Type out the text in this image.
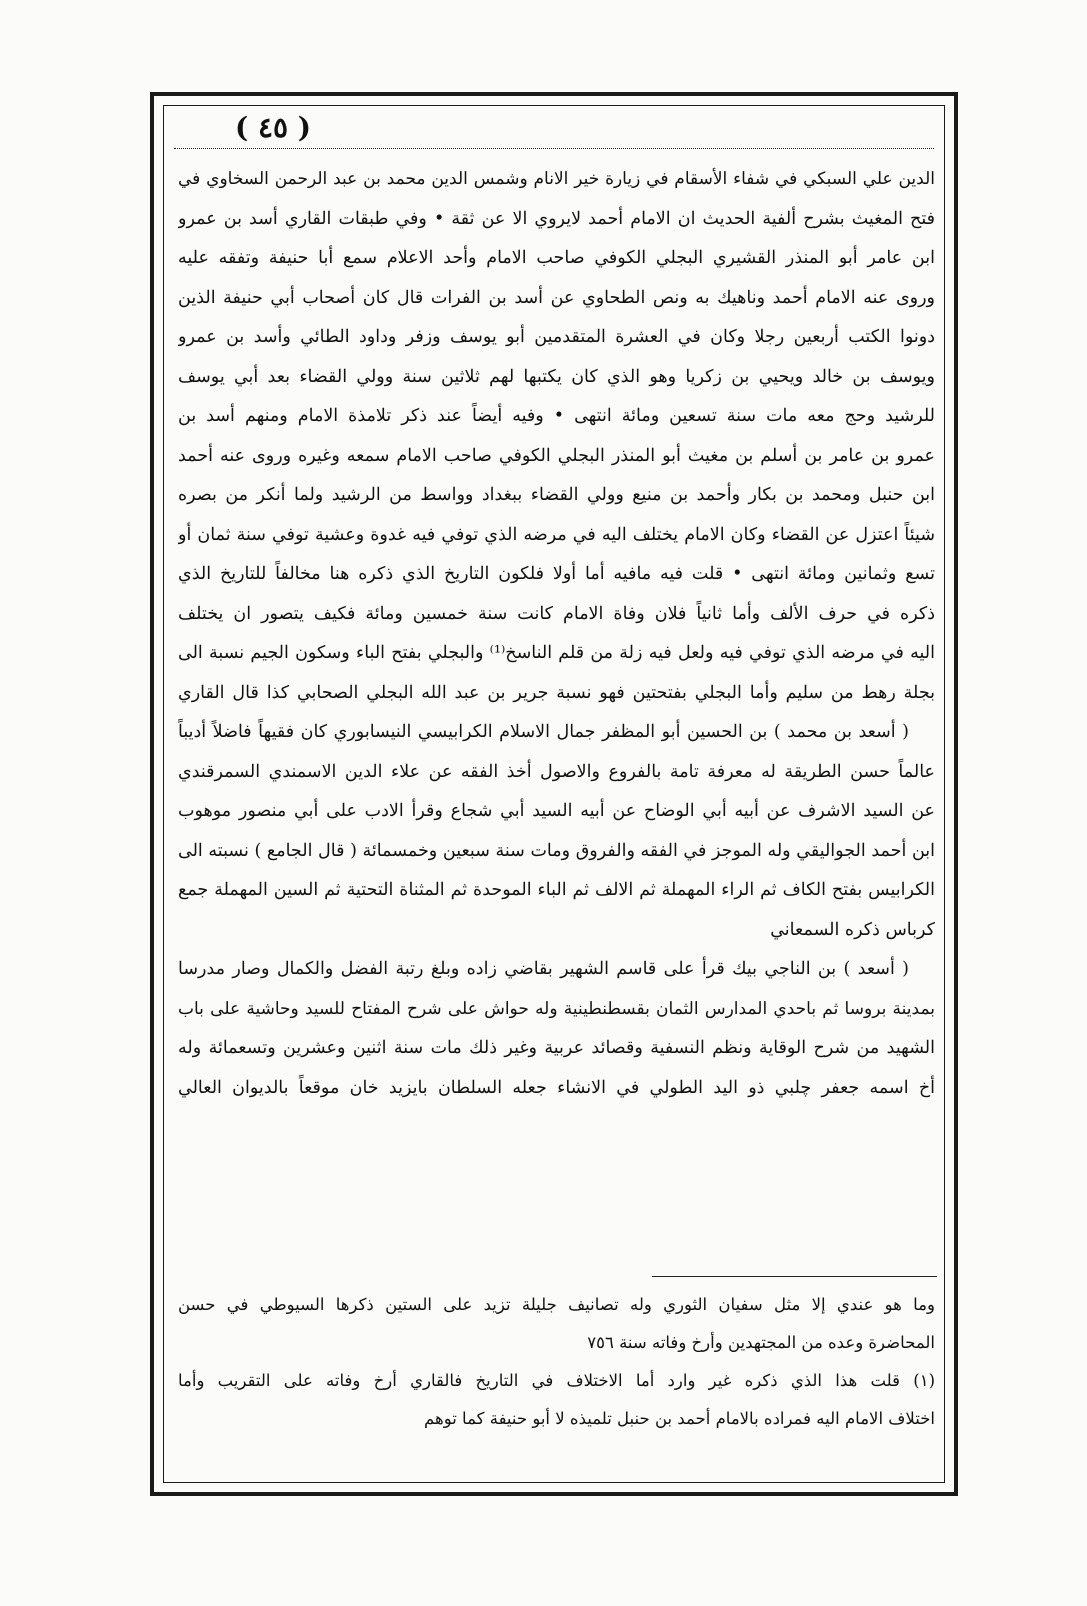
( ٤٥ )
الدين علي السبكي في شفاء الأسقام في زيارة خير الانام وشمس الدين محمد بن عبد الرحمن السخاوي في
فتح المغيث بشرح ألفية الحديث ان الامام أحمد لايروي الا عن ثقة • وفي طبقات القاري أسد بن عمرو
ابن عامر أبو المنذر القشيري البجلي الكوفي صاحب الامام وأحد الاعلام سمع أبا حنيفة وتفقه عليه
وروى عنه الامام أحمد وناهيك به ونص الطحاوي عن أسد بن الفرات قال كان أصحاب أبي حنيفة الذين
دونوا الكتب أربعين رجلا وكان في العشرة المتقدمين أبو يوسف وزفر وداود الطائي وأسد بن عمرو
ويوسف بن خالد ويحيي بن زكريا وهو الذي كان يكتبها لهم ثلاثين سنة وولي القضاء بعد أبي يوسف
للرشيد وحج معه مات سنة تسعين ومائة انتهى • وفيه أيضاً عند ذكر تلامذة الامام ومنهم أسد بن
عمرو بن عامر بن أسلم بن مغيث أبو المنذر البجلي الكوفي صاحب الامام سمعه وغيره وروى عنه أحمد
ابن حنبل ومحمد بن بكار وأحمد بن منيع وولي القضاء ببغداد وواسط من الرشيد ولما أنكر من بصره
شيئاً اعتزل عن القضاء وكان الامام يختلف اليه في مرضه الذي توفي فيه غدوة وعشية توفي سنة ثمان أو
تسع وثمانين ومائة انتهى • قلت فيه مافيه أما أولا فلكون التاريخ الذي ذكره هنا مخالفاً للتاريخ الذي
ذكره في حرف الألف وأما ثانياً فلان وفاة الامام كانت سنة خمسين ومائة فكيف يتصور ان يختلف
اليه في مرضه الذي توفي فيه ولعل فيه زلة من قلم الناسخ⁽¹⁾ والبجلي بفتح الباء وسكون الجيم نسبة الى
بجلة رهط من سليم وأما البجلي بفتحتين فهو نسبة جرير بن عبد الله البجلي الصحابي كذا قال القاري
( أسعد بن محمد ) بن الحسين أبو المظفر جمال الاسلام الكرابيسي النيسابوري كان فقيهاً فاضلاً أديباً
عالماً حسن الطريقة له معرفة تامة بالفروع والاصول أخذ الفقه عن علاء الدين الاسمندي السمرقندي
عن السيد الاشرف عن أبيه أبي الوضاح عن أبيه السيد أبي شجاع وقرأ الادب على أبي منصور موهوب
ابن أحمد الجواليقي وله الموجز في الفقه والفروق ومات سنة سبعين وخمسمائة ( قال الجامع ) نسبته الى
الكرابيس بفتح الكاف ثم الراء المهملة ثم الالف ثم الباء الموحدة ثم المثناة التحتية ثم السين المهملة جمع
كرباس ذكره السمعاني
( أسعد ) بن الناجي بيك قرأ على قاسم الشهير بقاضي زاده وبلغ رتبة الفضل والكمال وصار مدرسا
بمدينة بروسا ثم باحدي المدارس الثمان بقسطنطينية وله حواش على شرح المفتاح للسيد وحاشية على باب
الشهيد من شرح الوقاية ونظم النسفية وقصائد عربية وغير ذلك مات سنة اثنين وعشرين وتسعمائة وله
أخ اسمه جعفر چلبي ذو اليد الطولي في الانشاء جعله السلطان بايزيد خان موقعاً بالديوان العالي
وما هو عندي إلا مثل سفيان الثوري وله تصانيف جليلة تزيد على الستين ذكرها السيوطي في حسن
المحاضرة وعده من المجتهدين وأرخ وفاته سنة ٧٥٦
(١) قلت هذا الذي ذكره غير وارد أما الاختلاف في التاريخ فالقاري أرخ وفاته على التقريب وأما
اختلاف الامام اليه فمراده بالامام أحمد بن حنبل تلميذه لا أبو حنيفة كما توهم
